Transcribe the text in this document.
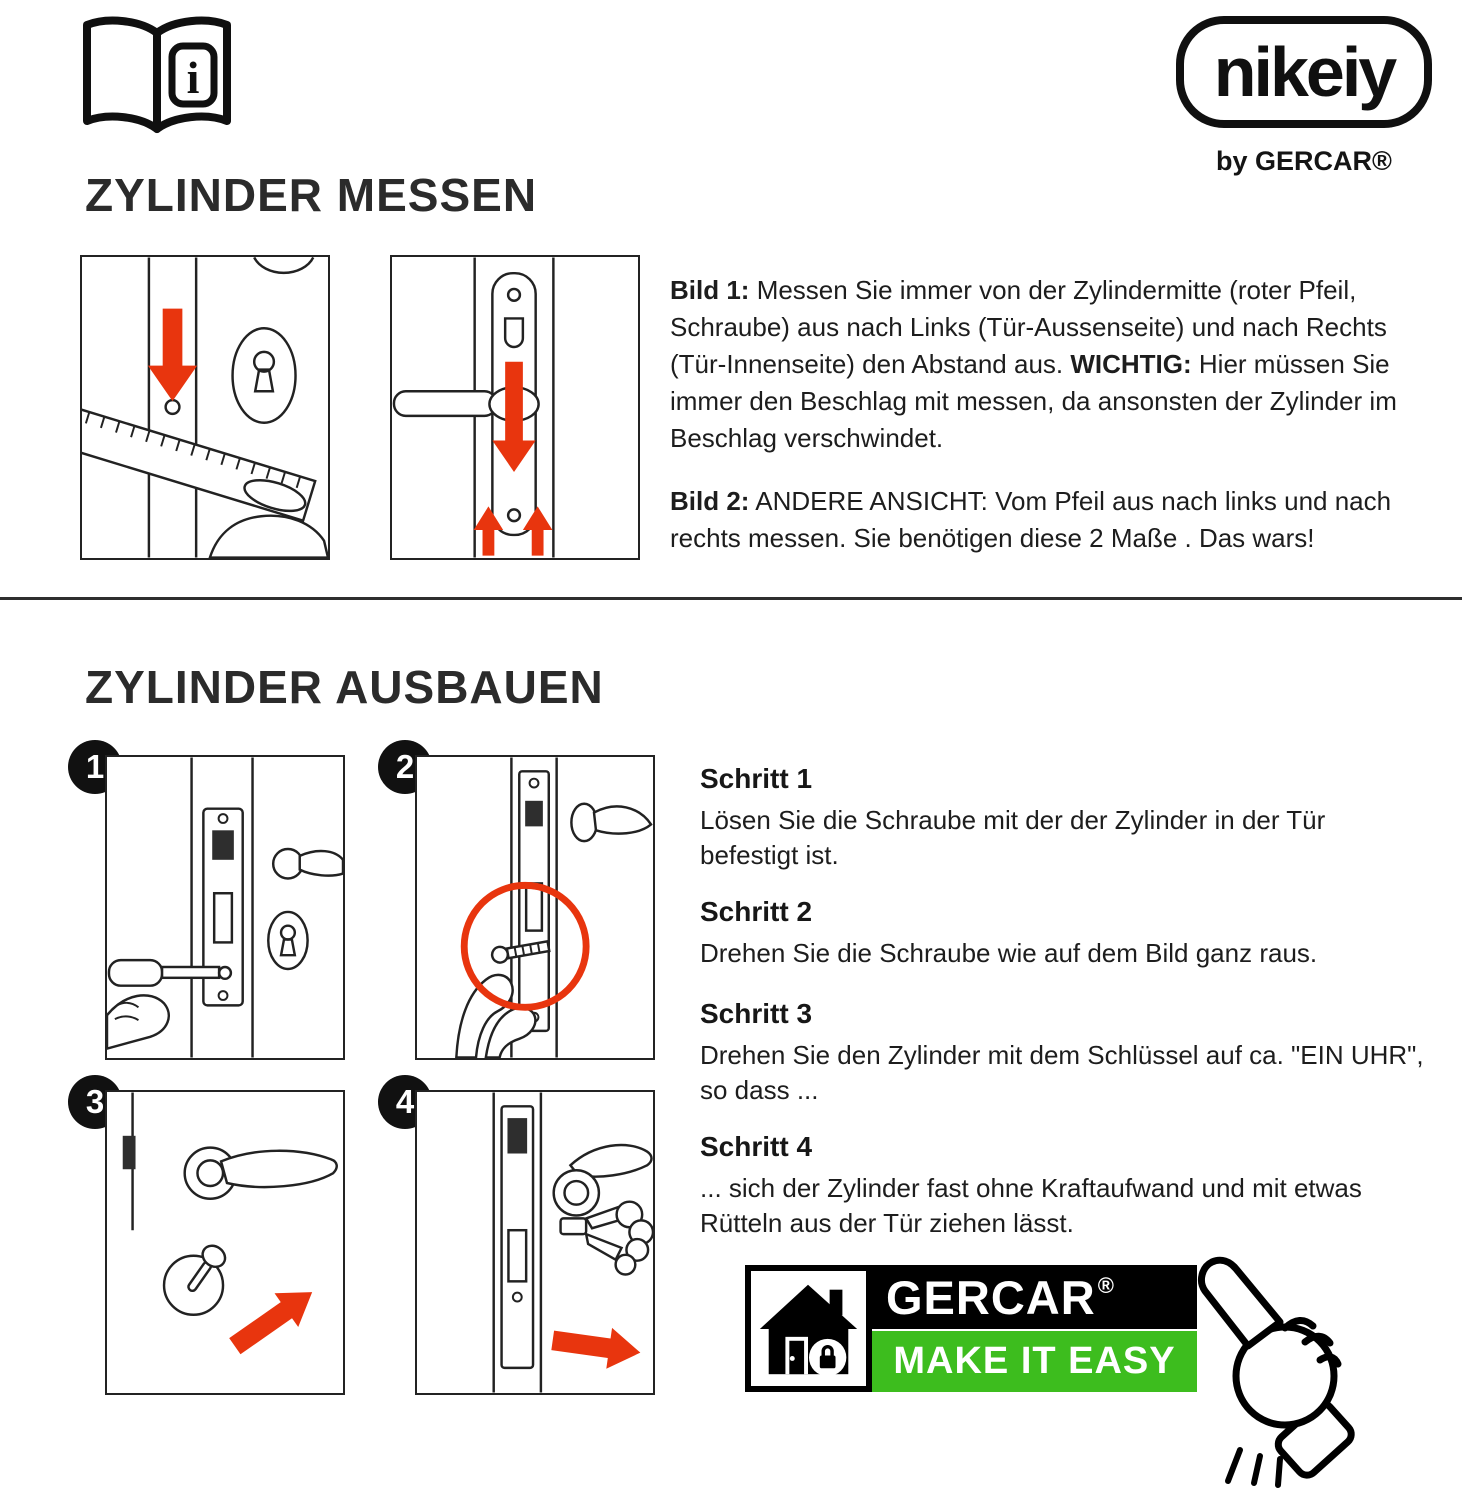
i	nikeiy
by GERCAR®
ZYLINDER MESSEN

Bild 1: Messen Sie immer von der Zylindermitte (roter Pfeil, Schraube) aus nach Links (Tür-Aussenseite) und nach Rechts (Tür-Innenseite) den Abstand aus. WICHTIG: Hier müssen Sie immer den Beschlag mit messen, da ansonsten der Zylinder im Beschlag verschwindet.

Bild 2: ANDERE ANSICHT: Vom Pfeil aus nach links und nach rechts messen. Sie benötigen diese 2 Maße . Das wars!

ZYLINDER AUSBAUEN
1	2
3	4
Schritt 1
Lösen Sie die Schraube mit der der Zylinder in der Tür befestigt ist.
Schritt 2
Drehen Sie die Schraube wie auf dem Bild ganz raus.
Schritt 3
Drehen Sie den Zylinder mit dem Schlüssel auf ca. "EIN UHR", so dass ...
Schritt 4
... sich der Zylinder fast ohne Kraftaufwand und mit etwas Rütteln aus der Tür ziehen lässt.
GERCAR®
MAKE IT EASY
